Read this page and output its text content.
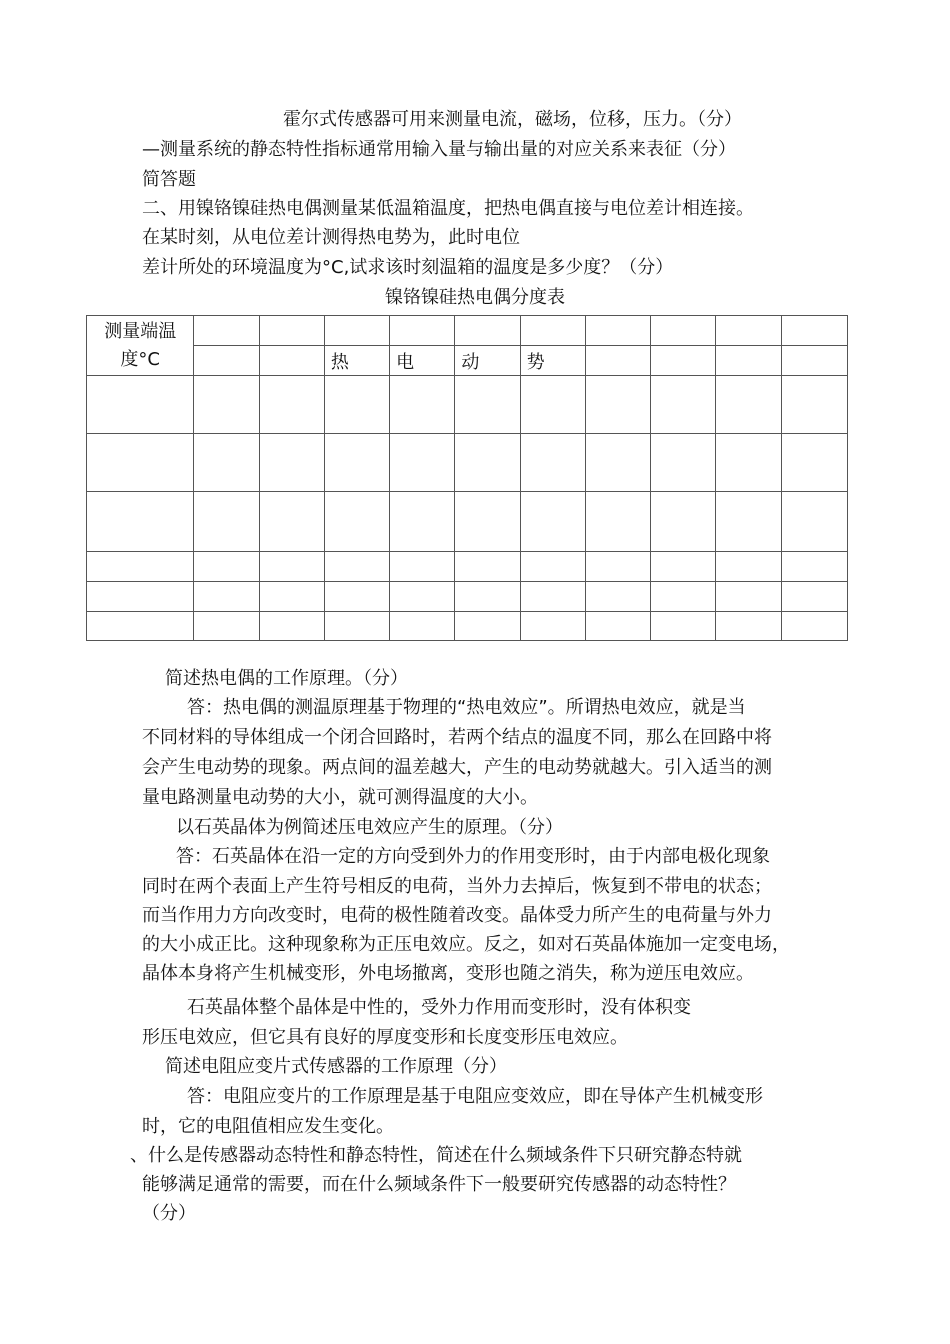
霍尔式传感器可用来测量电流，磁场，位移，压力。（分）
—测量系统的静态特性指标通常用输入量与输出量的对应关系来表征（分）
简答题
二、用镍铬镍硅热电偶测量某低温箱温度，把热电偶直接与电位差计相连接。
在某时刻，从电位差计测得热电势为，此时电位
差计所处的环境温度为°C,试求该时刻温箱的温度是多少度？（分）
镍铬镍硅热电偶分度表
测量端温度°C										
			热	电	动	势				

简述热电偶的工作原理。（分）
答：热电偶的测温原理基于物理的“热电效应”。所谓热电效应，就是当
不同材料的导体组成一个闭合回路时，若两个结点的温度不同，那么在回路中将
会产生电动势的现象。两点间的温差越大，产生的电动势就越大。引入适当的测
量电路测量电动势的大小，就可测得温度的大小。
以石英晶体为例简述压电效应产生的原理。（分）
答：石英晶体在沿一定的方向受到外力的作用变形时，由于内部电极化现象
同时在两个表面上产生符号相反的电荷，当外力去掉后，恢复到不带电的状态；
而当作用力方向改变时，电荷的极性随着改变。晶体受力所产生的电荷量与外力
的大小成正比。这种现象称为正压电效应。反之，如对石英晶体施加一定变电场，
晶体本身将产生机械变形，外电场撤离，变形也随之消失，称为逆压电效应。
石英晶体整个晶体是中性的，受外力作用而变形时，没有体积变
形压电效应，但它具有良好的厚度变形和长度变形压电效应。
简述电阻应变片式传感器的工作原理（分）
答：电阻应变片的工作原理是基于电阻应变效应，即在导体产生机械变形
时，它的电阻值相应发生变化。
、什么是传感器动态特性和静态特性，简述在什么频域条件下只研究静态特就
能够满足通常的需要，而在什么频域条件下一般要研究传感器的动态特性？
（分）
